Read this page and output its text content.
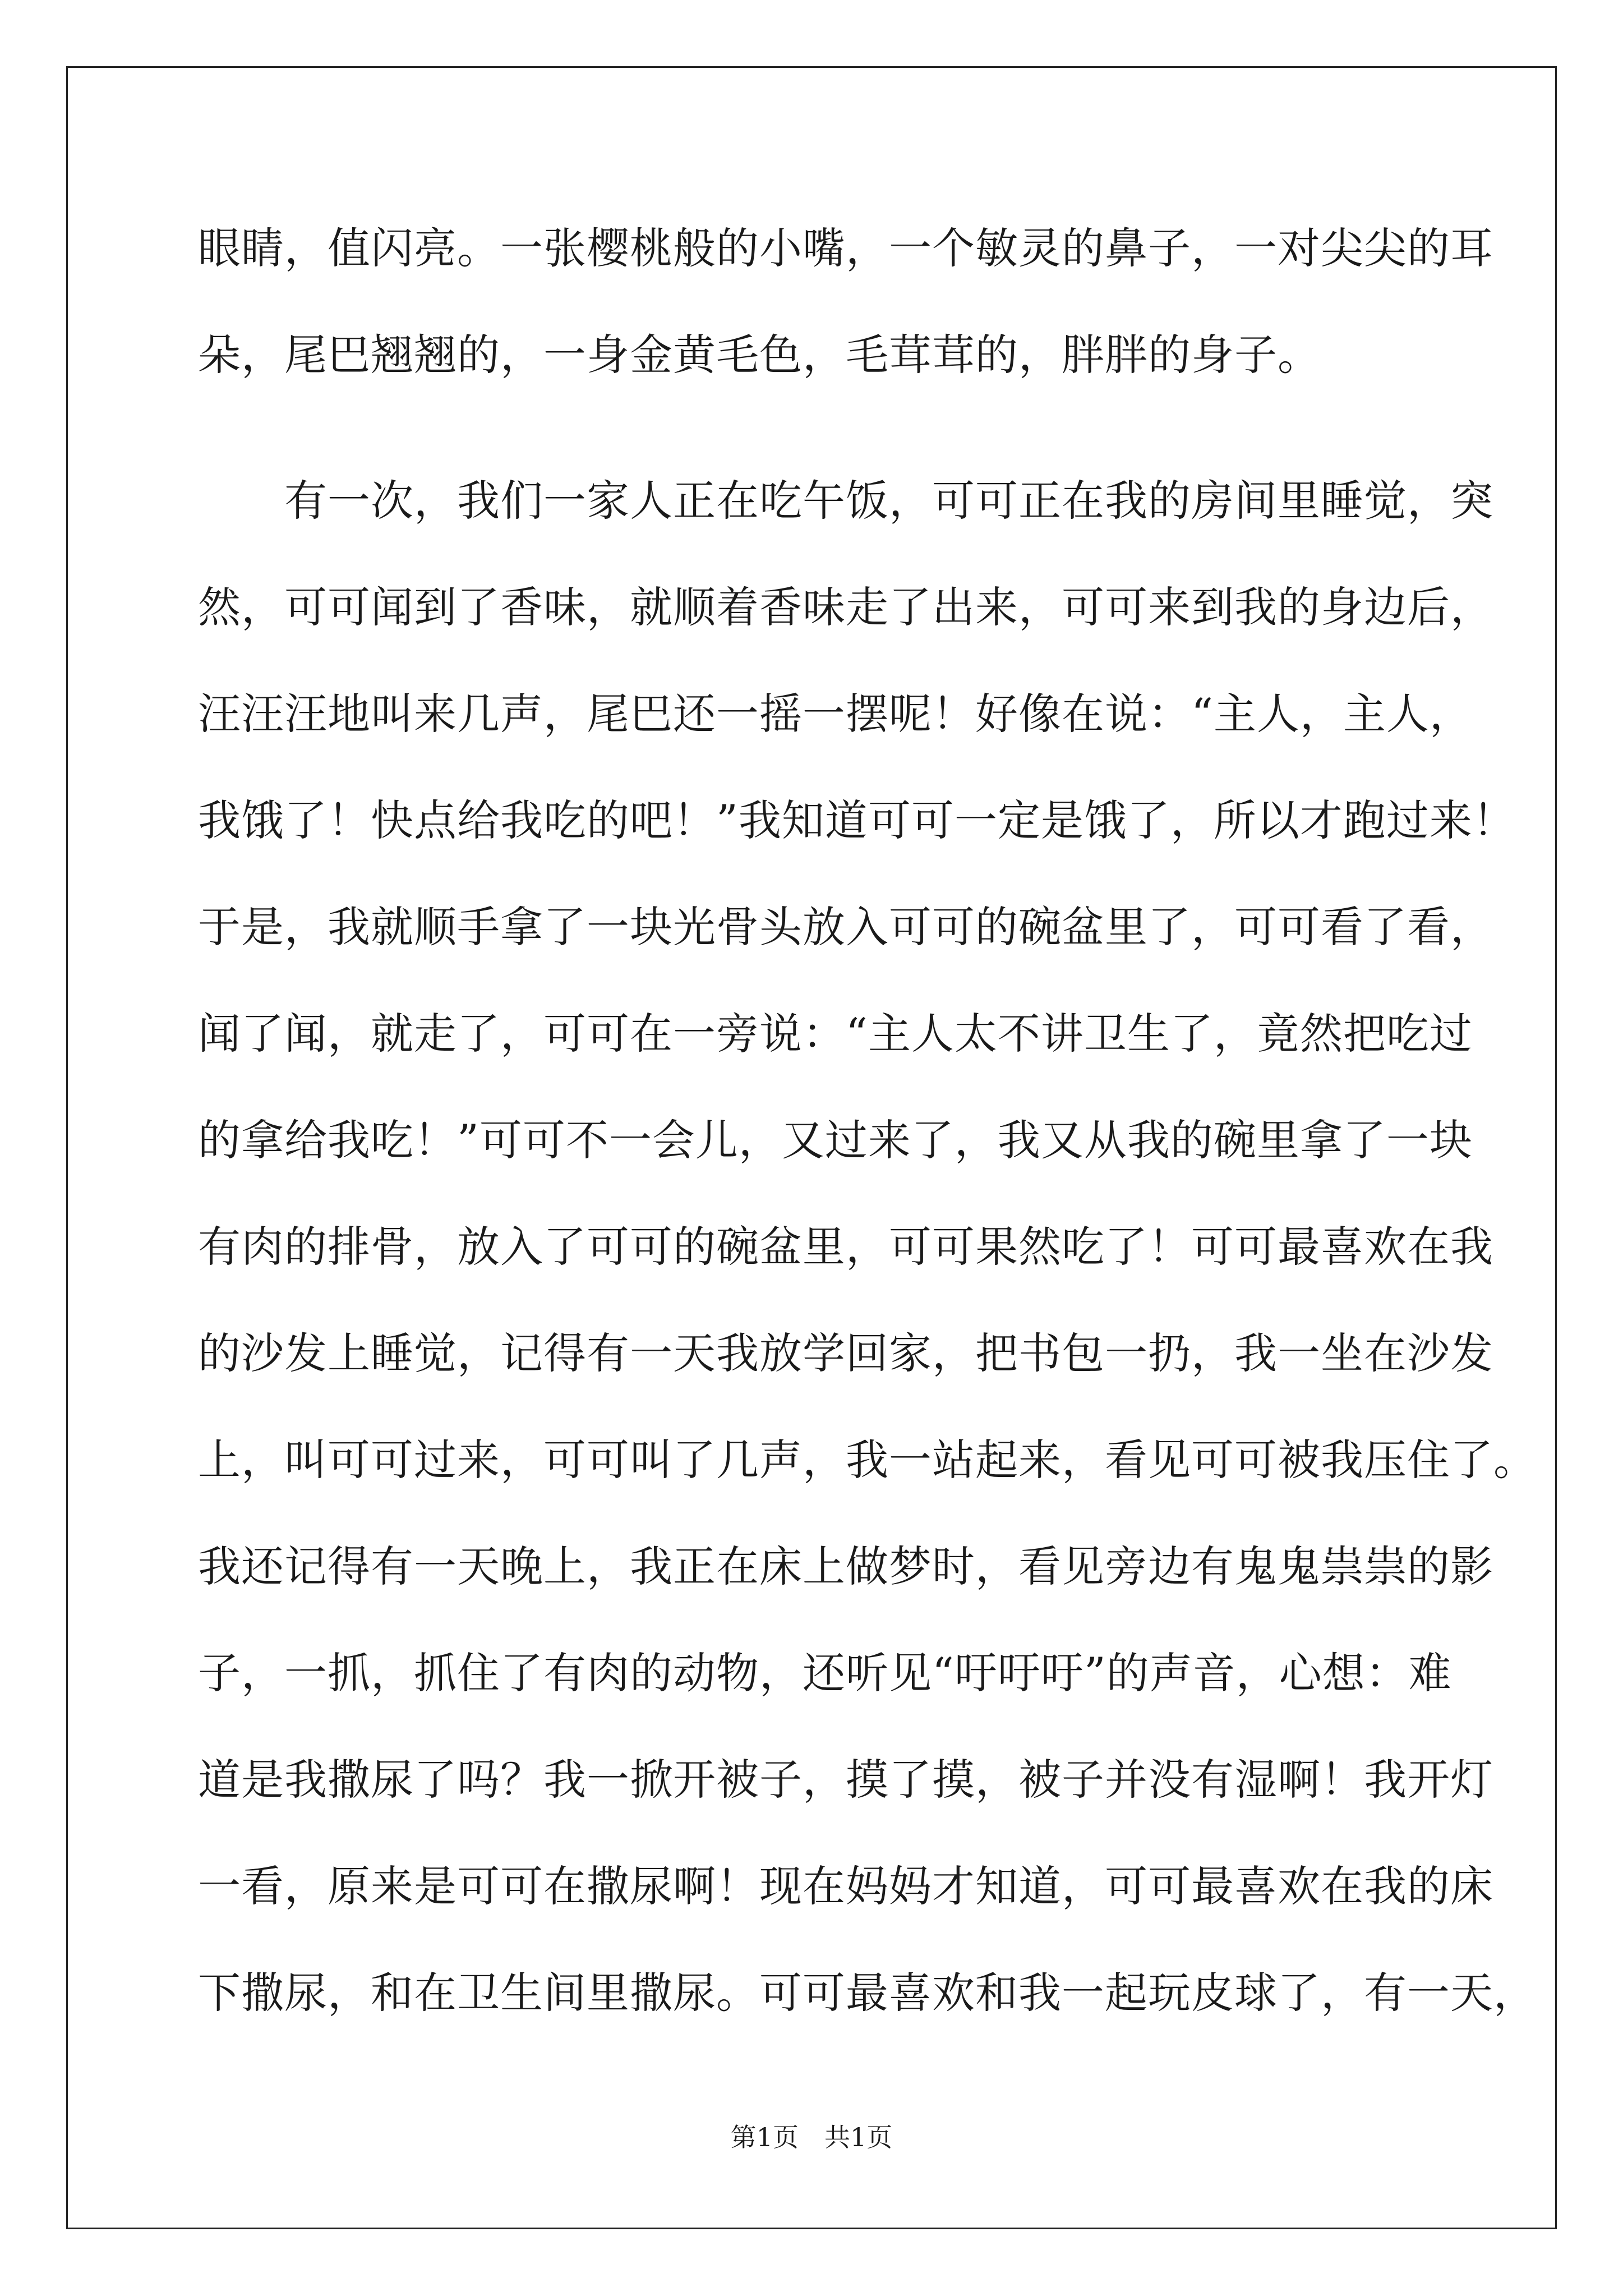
眼睛，值闪亮。一张樱桃般的小嘴，一个敏灵的鼻子，一对尖尖的耳
朵，尾巴翘翘的，一身金黄毛色，毛茸茸的，胖胖的身子。
　　有一次，我们一家人正在吃午饭，可可正在我的房间里睡觉，突
然，可可闻到了香味，就顺着香味走了出来，可可来到我的身边后，
汪汪汪地叫来几声，尾巴还一摇一摆呢！好像在说：“主人，主人，
我饿了！快点给我吃的吧！”我知道可可一定是饿了，所以才跑过来！
于是，我就顺手拿了一块光骨头放入可可的碗盆里了，可可看了看，
闻了闻，就走了，可可在一旁说：“主人太不讲卫生了，竟然把吃过
的拿给我吃！”可可不一会儿，又过来了，我又从我的碗里拿了一块
有肉的排骨，放入了可可的碗盆里，可可果然吃了！可可最喜欢在我
的沙发上睡觉，记得有一天我放学回家，把书包一扔，我一坐在沙发
上，叫可可过来，可可叫了几声，我一站起来，看见可可被我压住了。
我还记得有一天晚上，我正在床上做梦时，看见旁边有鬼鬼祟祟的影
子，一抓，抓住了有肉的动物，还听见“吁吁吁”的声音，心想：难
道是我撒尿了吗？我一掀开被子，摸了摸，被子并没有湿啊！我开灯
一看，原来是可可在撒尿啊！现在妈妈才知道，可可最喜欢在我的床
下撒尿，和在卫生间里撒尿。可可最喜欢和我一起玩皮球了，有一天，
第1页　共1页
